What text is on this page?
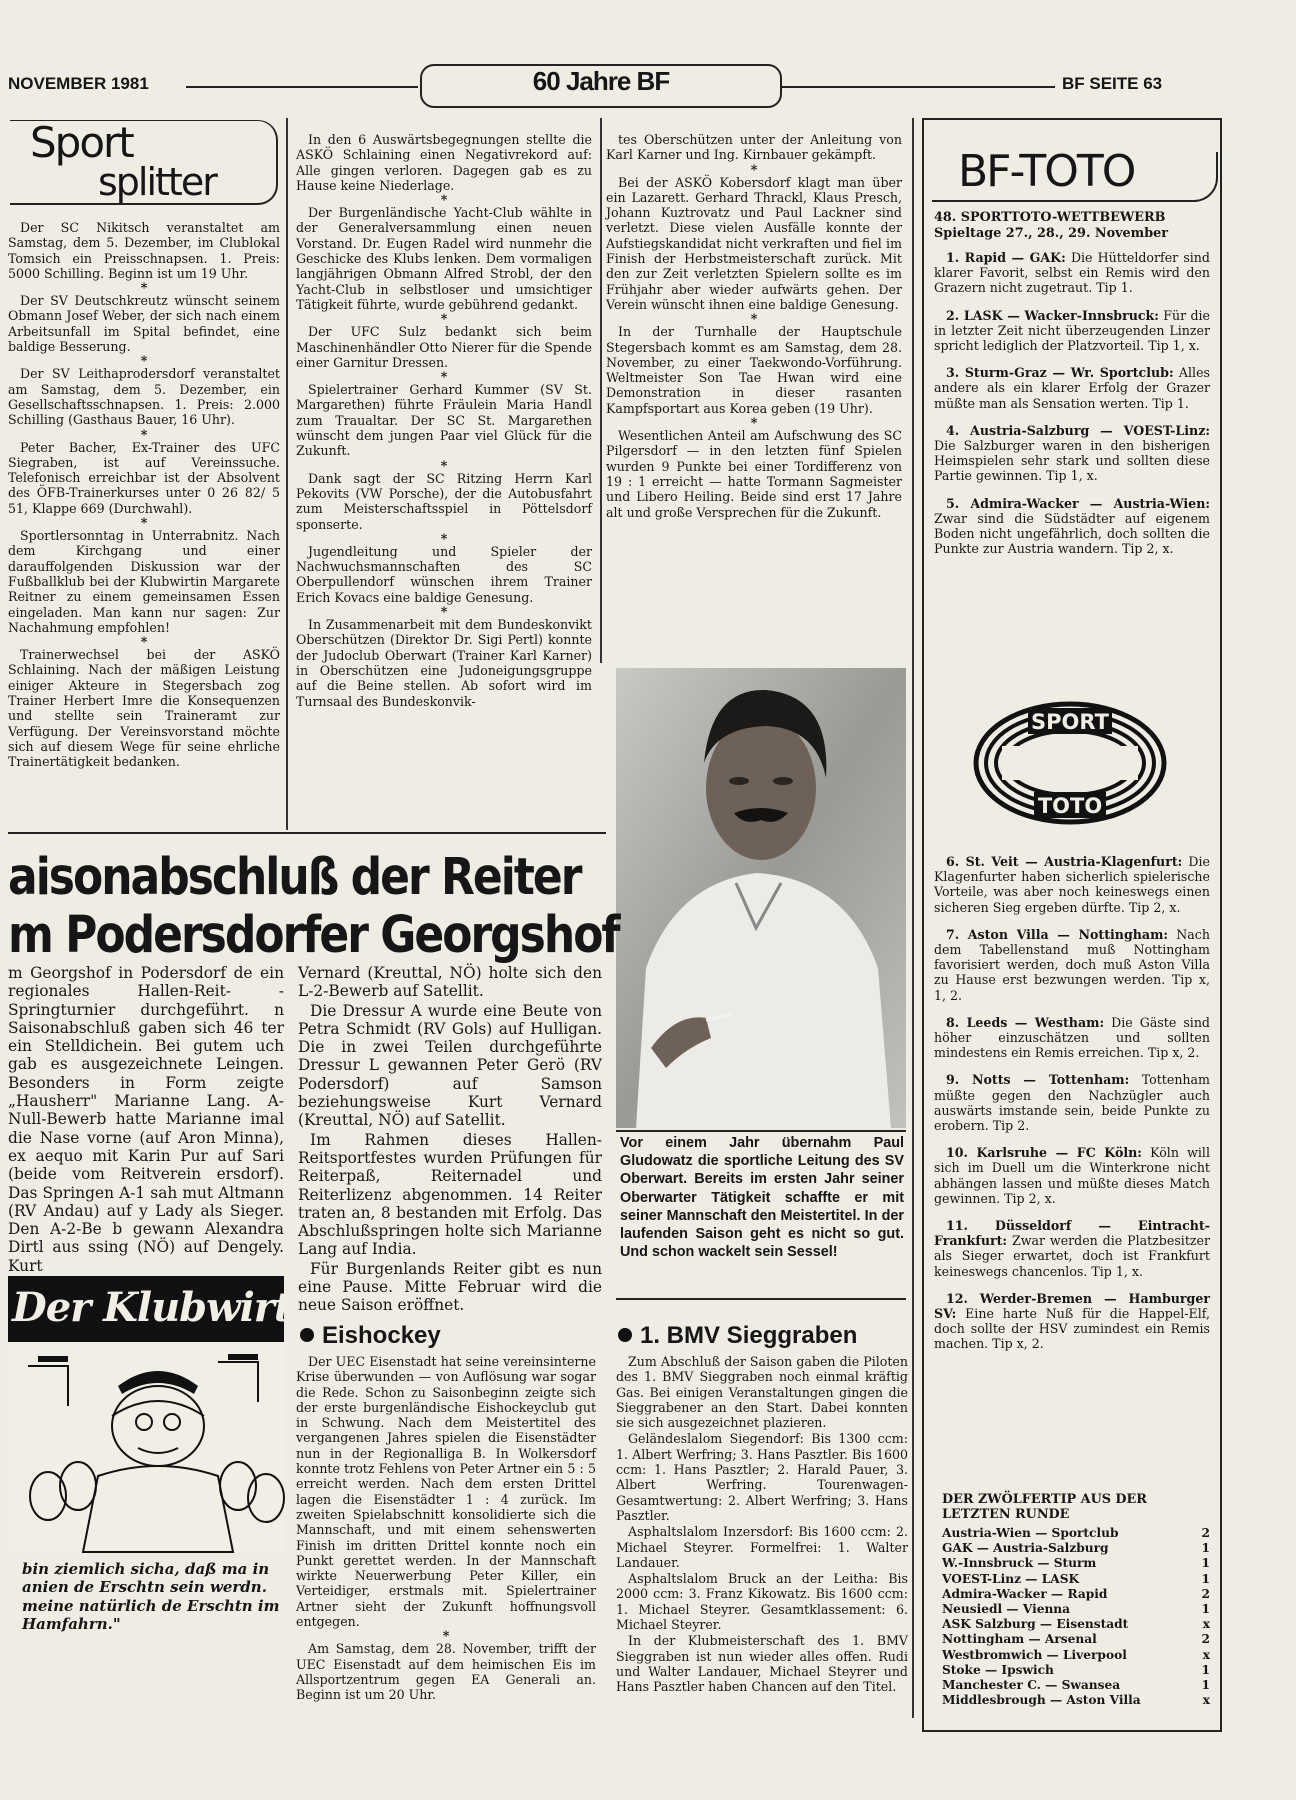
NOVEMBER 1981	60 Jahre BF	BF SEITE 63
Sport
splitter

Der SC Nikitsch veranstaltet am Samstag, dem 5. Dezember, im Clublokal Tomsich ein Preisschnapsen. 1. Preis: 5000 Schilling. Beginn ist um 19 Uhr.

*

Der SV Deutschkreutz wünscht seinem Obmann Josef Weber, der sich nach einem Arbeitsunfall im Spital befindet, eine baldige Besserung.

*

Der SV Leithaprodersdorf veranstaltet am Samstag, dem 5. Dezember, ein Gesellschaftsschnapsen. 1. Preis: 2.000 Schilling (Gasthaus Bauer, 16 Uhr).

*

Peter Bacher, Ex-Trainer des UFC Siegraben, ist auf Vereinssuche. Telefonisch erreichbar ist der Absolvent des ÖFB-Trainerkurses unter 0 26 82/ 5 51, Klappe 669 (Durchwahl).

*

Sportlersonntag in Unterrabnitz. Nach dem Kirchgang und einer darauffolgenden Diskussion war der Fußballklub bei der Klubwirtin Margarete Reitner zu einem gemeinsamen Essen eingeladen. Man kann nur sagen: Zur Nachahmung empfohlen!

*

Trainerwechsel bei der ASKÖ Schlaining. Nach der mäßigen Leistung einiger Akteure in Stegersbach zog Trainer Herbert Imre die Konsequenzen und stellte sein Traineramt zur Verfügung. Der Vereinsvorstand möchte sich auf diesem Wege für seine ehrliche Trainertätigkeit bedanken.

In den 6 Auswärtsbegegnungen stellte die ASKÖ Schlaining einen Negativrekord auf: Alle gingen verloren. Dagegen gab es zu Hause keine Niederlage.

*

Der Burgenländische Yacht-Club wählte in der Generalversammlung einen neuen Vorstand. Dr. Eugen Radel wird nunmehr die Geschicke des Klubs lenken. Dem vormaligen langjährigen Obmann Alfred Strobl, der den Yacht-Club in selbstloser und umsichtiger Tätigkeit führte, wurde gebührend gedankt.

*

Der UFC Sulz bedankt sich beim Maschinenhändler Otto Nierer für die Spende einer Garnitur Dressen.

*

Spielertrainer Gerhard Kummer (SV St. Margarethen) führte Fräulein Maria Handl zum Traualtar. Der SC St. Margarethen wünscht dem jungen Paar viel Glück für die Zukunft.

*

Dank sagt der SC Ritzing Herrn Karl Pekovits (VW Porsche), der die Autobusfahrt zum Meisterschaftsspiel in Pöttelsdorf sponserte.

*

Jugendleitung und Spieler der Nachwuchsmannschaften des SC Oberpullendorf wünschen ihrem Trainer Erich Kovacs eine baldige Genesung.

*

In Zusammenarbeit mit dem Bundeskonvikt Oberschützen (Direktor Dr. Sigi Pertl) konnte der Judoclub Oberwart (Trainer Karl Karner) in Oberschützen eine Judoneigungsgruppe auf die Beine stellen. Ab sofort wird im Turnsaal des Bundeskonvik-

tes Oberschützen unter der Anleitung von Karl Karner und Ing. Kirnbauer gekämpft.

*

Bei der ASKÖ Kobersdorf klagt man über ein Lazarett. Gerhard Thrackl, Klaus Presch, Johann Kuztrovatz und Paul Lackner sind verletzt. Diese vielen Ausfälle konnte der Aufstiegskandidat nicht verkraften und fiel im Finish der Herbstmeisterschaft zurück. Mit den zur Zeit verletzten Spielern sollte es im Frühjahr aber wieder aufwärts gehen. Der Verein wünscht ihnen eine baldige Genesung.

*

In der Turnhalle der Hauptschule Stegersbach kommt es am Samstag, dem 28. November, zu einer Taekwondo-Vorführung. Weltmeister Son Tae Hwan wird eine Demonstration in dieser rasanten Kampfsportart aus Korea geben (19 Uhr).

*

Wesentlichen Anteil am Aufschwung des SC Pilgersdorf — in den letzten fünf Spielen wurden 9 Punkte bei einer Tordifferenz von 19 : 1 erreicht — hatte Tormann Sagmeister und Libero Heiling. Beide sind erst 17 Jahre alt und große Versprechen für die Zukunft.

Vor einem Jahr übernahm Paul Gludowatz die sportliche Leitung des SV Oberwart. Bereits im ersten Jahr seiner Oberwarter Tätigkeit schaffte er mit seiner Mannschaft den Meistertitel. In der laufenden Saison geht es nicht so gut. Und schon wackelt sein Sessel!
aisonabschluß der Reiter
m Podersdorfer Georgshof
m Georgshof in Podersdorf de ein regionales Hallen-Reit- -Springturnier durchgeführt. n Saisonabschluß gaben sich 46 ter ein Stelldichein. Bei gutem uch gab es ausgezeichnete Leingen. Besonders in Form zeigte „Hausherr" Marianne Lang. A-Null-Bewerb hatte Marianne imal die Nase vorne (auf Aron Minna), ex aequo mit Karin Pur auf Sari (beide vom Reitverein ersdorf). Das Springen A-1 sah mut Altmann (RV Andau) auf y Lady als Sieger. Den A-2-Be b gewann Alexandra Dirtl aus ssing (NÖ) auf Dengely. Kurt

Vernard (Kreuttal, NÖ) holte sich den L-2-Bewerb auf Satellit.

Die Dressur A wurde eine Beute von Petra Schmidt (RV Gols) auf Hulligan. Die in zwei Teilen durchgeführte Dressur L gewannen Peter Gerö (RV Podersdorf) auf Samson beziehungsweise Kurt Vernard (Kreuttal, NÖ) auf Satellit.

Im Rahmen dieses Hallen-Reitsportfestes wurden Prüfungen für Reiterpaß, Reiternadel und Reiterlizenz abgenommen. 14 Reiter traten an, 8 bestanden mit Erfolg. Das Abschlußspringen holte sich Marianne Lang auf India.

Für Burgenlands Reiter gibt es nun eine Pause. Mitte Februar wird die neue Saison eröffnet.

Der Klubwirt
bin ziemlich sicha, daß ma in anien de Erschtn sein werdn. meine natürlich de Erschtn im Hamfahrn."
Eishockey

Der UEC Eisenstadt hat seine vereinsinterne Krise überwunden — von Auflösung war sogar die Rede. Schon zu Saisonbeginn zeigte sich der erste burgenländische Eishockeyclub gut in Schwung. Nach dem Meistertitel des vergangenen Jahres spielen die Eisenstädter nun in der Regionalliga B. In Wolkersdorf konnte trotz Fehlens von Peter Artner ein 5 : 5 erreicht werden. Nach dem ersten Drittel lagen die Eisenstädter 1 : 4 zurück. Im zweiten Spielabschnitt konsolidierte sich die Mannschaft, und mit einem sehenswerten Finish im dritten Drittel konnte noch ein Punkt gerettet werden. In der Mannschaft wirkte Neuerwerbung Peter Killer, ein Verteidiger, erstmals mit. Spielertrainer Artner sieht der Zukunft hoffnungsvoll entgegen.

*

Am Samstag, dem 28. November, trifft der UEC Eisenstadt auf dem heimischen Eis im Allsportzentrum gegen EA Generali an. Beginn ist um 20 Uhr.

1. BMV Sieggraben

Zum Abschluß der Saison gaben die Piloten des 1. BMV Sieggraben noch einmal kräftig Gas. Bei einigen Veranstaltungen gingen die Sieggrabener an den Start. Dabei konnten sie sich ausgezeichnet plazieren.

Geländeslalom Siegendorf: Bis 1300 ccm: 1. Albert Werfring; 3. Hans Pasztler. Bis 1600 ccm: 1. Hans Pasztler; 2. Harald Pauer, 3. Albert Werfring. Tourenwagen-Gesamtwertung: 2. Albert Werfring; 3. Hans Pasztler.

Asphaltslalom Inzersdorf: Bis 1600 ccm: 2. Michael Steyrer. Formelfrei: 1. Walter Landauer.

Asphaltslalom Bruck an der Leitha: Bis 2000 ccm: 3. Franz Kikowatz. Bis 1600 ccm: 1. Michael Steyrer. Gesamtklassement: 6. Michael Steyrer.

In der Klubmeisterschaft des 1. BMV Sieggraben ist nun wieder alles offen. Rudi und Walter Landauer, Michael Steyrer und Hans Pasztler haben Chancen auf den Titel.

BF-TOTO
48. SPORTTOTO-WETTBEWERB
Spieltage 27., 28., 29. November
1. Rapid — GAK: Die Hütteldorfer sind klarer Favorit, selbst ein Remis wird den Grazern nicht zugetraut. Tip 1.
2. LASK — Wacker-Innsbruck: Für die in letzter Zeit nicht überzeugenden Linzer spricht lediglich der Platzvorteil. Tip 1, x.
3. Sturm-Graz — Wr. Sportclub: Alles andere als ein klarer Erfolg der Grazer müßte man als Sensation werten. Tip 1.
4. Austria-Salzburg — VOEST-Linz: Die Salzburger waren in den bisherigen Heimspielen sehr stark und sollten diese Partie gewinnen. Tip 1, x.
5. Admira-Wacker — Austria-Wien: Zwar sind die Südstädter auf eigenem Boden nicht ungefährlich, doch sollten die Punkte zur Austria wandern. Tip 2, x.
SPORT
TOTO
6. St. Veit — Austria-Klagenfurt: Die Klagenfurter haben sicherlich spielerische Vorteile, was aber noch keineswegs einen sicheren Sieg ergeben dürfte. Tip 2, x.
7. Aston Villa — Nottingham: Nach dem Tabellenstand muß Nottingham favorisiert werden, doch muß Aston Villa zu Hause erst bezwungen werden. Tip x, 1, 2.
8. Leeds — Westham: Die Gäste sind höher einzuschätzen und sollten mindestens ein Remis erreichen. Tip x, 2.
9. Notts — Tottenham: Tottenham müßte gegen den Nachzügler auch auswärts imstande sein, beide Punkte zu erobern. Tip 2.
10. Karlsruhe — FC Köln: Köln will sich im Duell um die Winterkrone nicht abhängen lassen und müßte dieses Match gewinnen. Tip 2, x.
11. Düsseldorf — Eintracht-Frankfurt: Zwar werden die Platzbesitzer als Sieger erwartet, doch ist Frankfurt keineswegs chancenlos. Tip 1, x.
12. Werder-Bremen — Hamburger SV: Eine harte Nuß für die Happel-Elf, doch sollte der HSV zumindest ein Remis machen. Tip x, 2.
DER ZWÖLFERTIP AUS DER LETZTEN RUNDE
Austria-Wien — Sportclub	2
GAK — Austria-Salzburg	1
W.-Innsbruck — Sturm	1
VOEST-Linz — LASK	1
Admira-Wacker — Rapid	2
Neusiedl — Vienna	1
ASK Salzburg — Eisenstadt	x
Nottingham — Arsenal	2
Westbromwich — Liverpool	x
Stoke — Ipswich	1
Manchester C. — Swansea	1
Middlesbrough — Aston Villa	x
